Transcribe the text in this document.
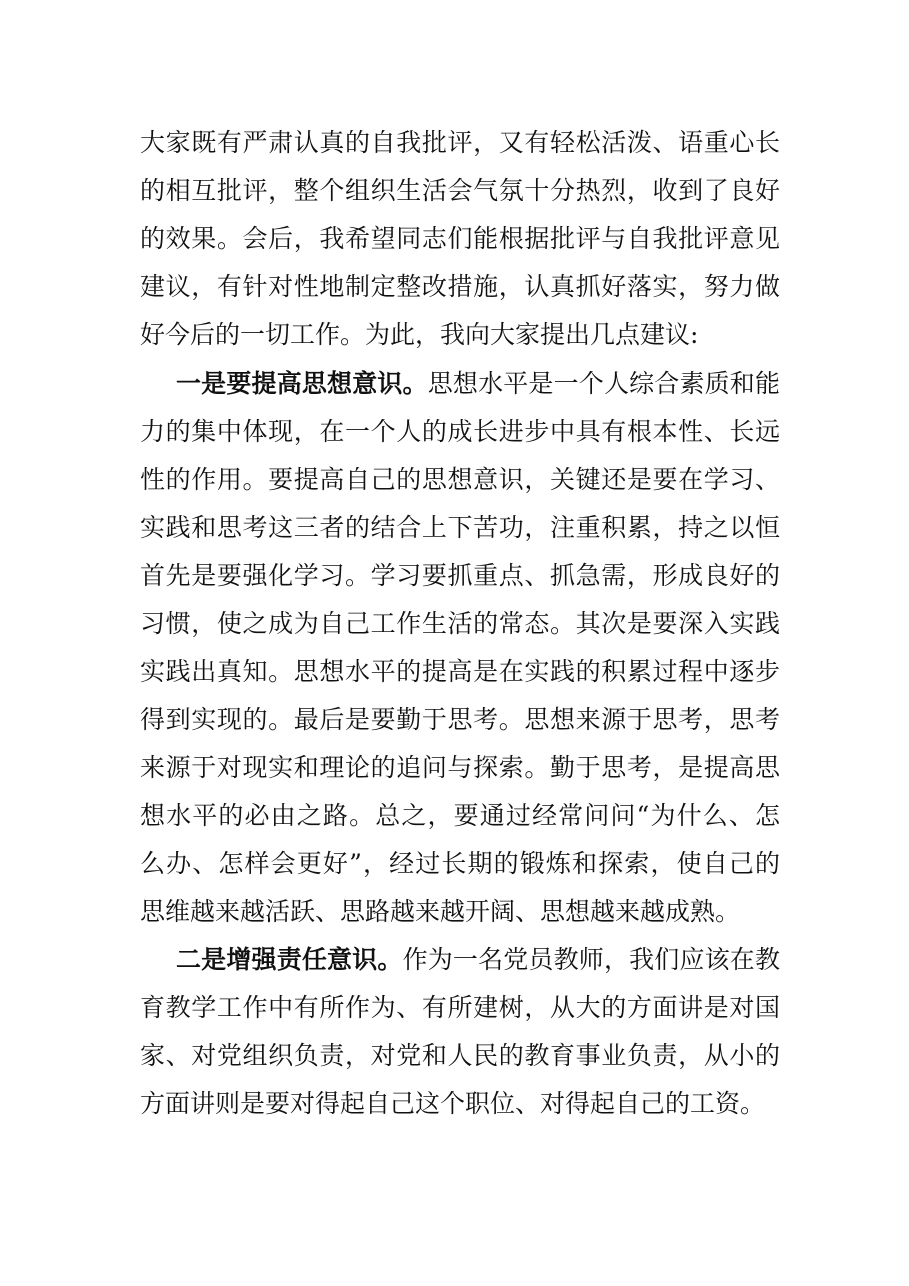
大家既有严肃认真的自我批评，又有轻松活泼、语重心长
的相互批评，整个组织生活会气氛十分热烈，收到了良好
的效果。会后，我希望同志们能根据批评与自我批评意见
建议，有针对性地制定整改措施，认真抓好落实，努力做
好今后的一切工作。为此，我向大家提出几点建议:
一是要提高思想意识。思想水平是一个人综合素质和能
力的集中体现，在一个人的成长进步中具有根本性、长远
性的作用。要提高自己的思想意识，关键还是要在学习、
实践和思考这三者的结合上下苦功，注重积累，持之以恒
首先是要强化学习。学习要抓重点、抓急需，形成良好的
习惯，使之成为自己工作生活的常态。其次是要深入实践
实践出真知。思想水平的提高是在实践的积累过程中逐步
得到实现的。最后是要勤于思考。思想来源于思考，思考
来源于对现实和理论的追问与探索。勤于思考，是提高思
想水平的必由之路。总之，要通过经常问问“为什么、怎
么办、怎样会更好”，经过长期的锻炼和探索，使自己的
思维越来越活跃、思路越来越开阔、思想越来越成熟。
二是增强责任意识。作为一名党员教师，我们应该在教
育教学工作中有所作为、有所建树，从大的方面讲是对国
家、对党组织负责，对党和人民的教育事业负责，从小的
方面讲则是要对得起自己这个职位、对得起自己的工资。
